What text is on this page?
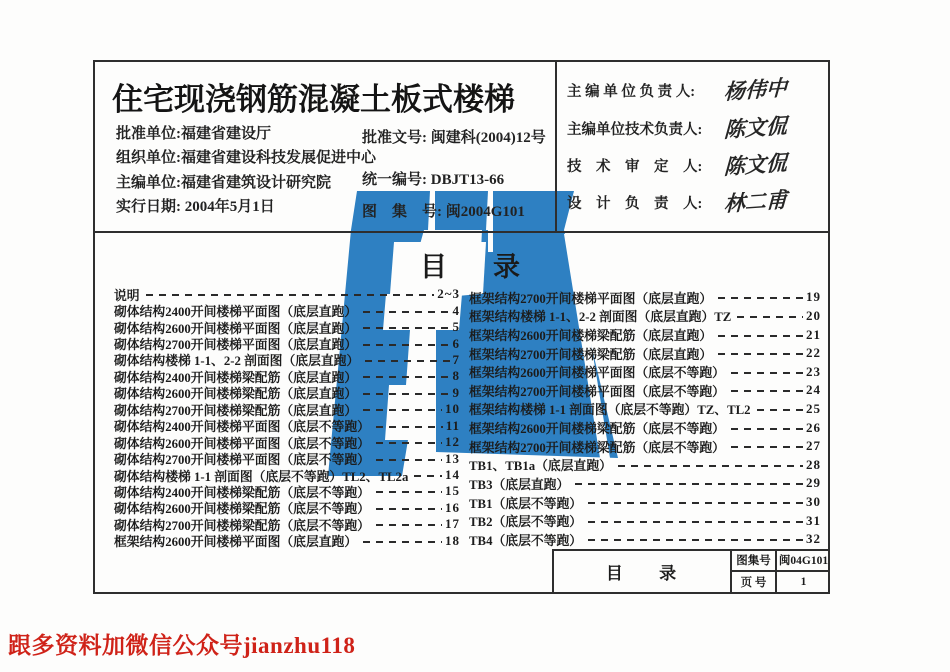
住宅现浇钢筋混凝土板式楼梯
批准单位:福建省建设厅
组织单位:福建省建设科技发展促进中心
主编单位:福建省建筑设计研究院
实行日期: 2004年5月1日
批准文号: 闽建科(2004)12号
统一编号: DBJT13-66
图　集　号: 闽2004G101
主 编 单 位 负 责 人: 杨伟中
主编单位技术负责人: 陈文侃
技　术　审　定　人: 陈文侃
设　计　负　责　人: 林二甫
目 录
说明	2~3
砌体结构2400开间楼梯平面图（底层直跑）	4
砌体结构2600开间楼梯平面图（底层直跑）	5
砌体结构2700开间楼梯平面图（底层直跑）	6
砌体结构楼梯 1-1、2-2 剖面图（底层直跑）	7
砌体结构2400开间楼梯梁配筋（底层直跑）	8
砌体结构2600开间楼梯梁配筋（底层直跑）	9
砌体结构2700开间楼梯梁配筋（底层直跑）	10
砌体结构2400开间楼梯平面图（底层不等跑）	11
砌体结构2600开间楼梯平面图（底层不等跑）	12
砌体结构2700开间楼梯平面图（底层不等跑）	13
砌体结构楼梯 1-1 剖面图（底层不等跑）TL2、TL2a	14
砌体结构2400开间楼梯梁配筋（底层不等跑）	15
砌体结构2600开间楼梯梁配筋（底层不等跑）	16
砌体结构2700开间楼梯梁配筋（底层不等跑）	17
框架结构2600开间楼梯平面图（底层直跑）	18
框架结构2700开间楼梯平面图（底层直跑）	19
框架结构楼梯 1-1、2-2 剖面图（底层直跑）TZ	20
框架结构2600开间楼梯梁配筋（底层直跑）	21
框架结构2700开间楼梯梁配筋（底层直跑）	22
框架结构2600开间楼梯平面图（底层不等跑）	23
框架结构2700开间楼梯平面图（底层不等跑）	24
框架结构楼梯 1-1 剖面图（底层不等跑）TZ、TL2	25
框架结构2600开间楼梯梁配筋（底层不等跑）	26
框架结构2700开间楼梯梁配筋（底层不等跑）	27
TB1、TB1a（底层直跑）	28
TB3（底层直跑）	29
TB1（底层不等跑）	30
TB2（底层不等跑）	31
TB4（底层不等跑）	32
目 录
图集号 闽04G101
页 号	1
跟多资料加微信公众号jianzhu118
